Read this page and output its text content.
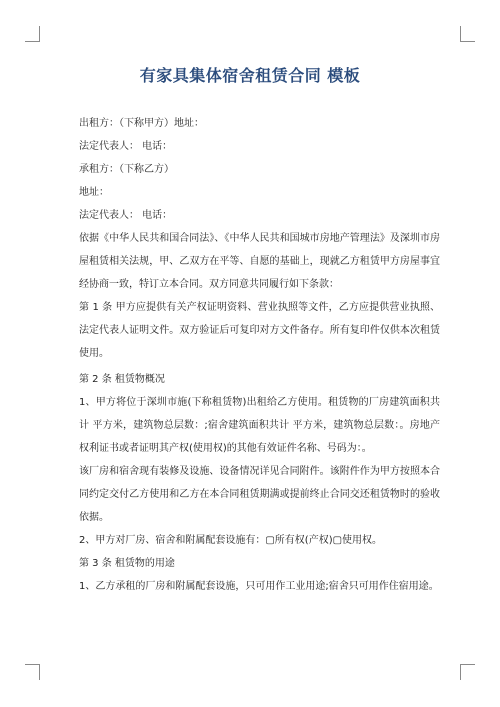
有家具集体宿舍租赁合同 模板

出租方：（下称甲方）地址：

法定代表人： 电话：

承租方：（下称乙方）

地址：

法定代表人： 电话：

依据《中华人民共和国合同法》、《中华人民共和国城市房地产管理法》及深圳市房屋租赁相关法规，甲、乙双方在平等、自愿的基础上，现就乙方租赁甲方房屋事宜经协商一致，特订立本合同。双方同意共同履行如下条款：

第 1 条 甲方应提供有关产权证明资料、营业执照等文件，乙方应提供营业执照、法定代表人证明文件。双方验证后可复印对方文件备存。所有复印件仅供本次租赁使用。

第 2 条 租赁物概况

1、甲方将位于深圳市施(下称租赁物)出租给乙方使用。租赁物的厂房建筑面积共计 平方米，建筑物总层数：;宿舍建筑面积共计 平方米，建筑物总层数：。房地产权利证书或者证明其产权(使用权)的其他有效证件名称、号码为：。

该厂房和宿舍现有装修及设施、设备情况详见合同附件。该附件作为甲方按照本合同约定交付乙方使用和乙方在本合同租赁期满或提前终止合同交还租赁物时的验收依据。

2、甲方对厂房、宿舍和附属配套设施有：▢所有权(产权)▢使用权。

第 3 条 租赁物的用途

1、乙方承租的厂房和附属配套设施，只可用作工业用途;宿舍只可用作住宿用途。
